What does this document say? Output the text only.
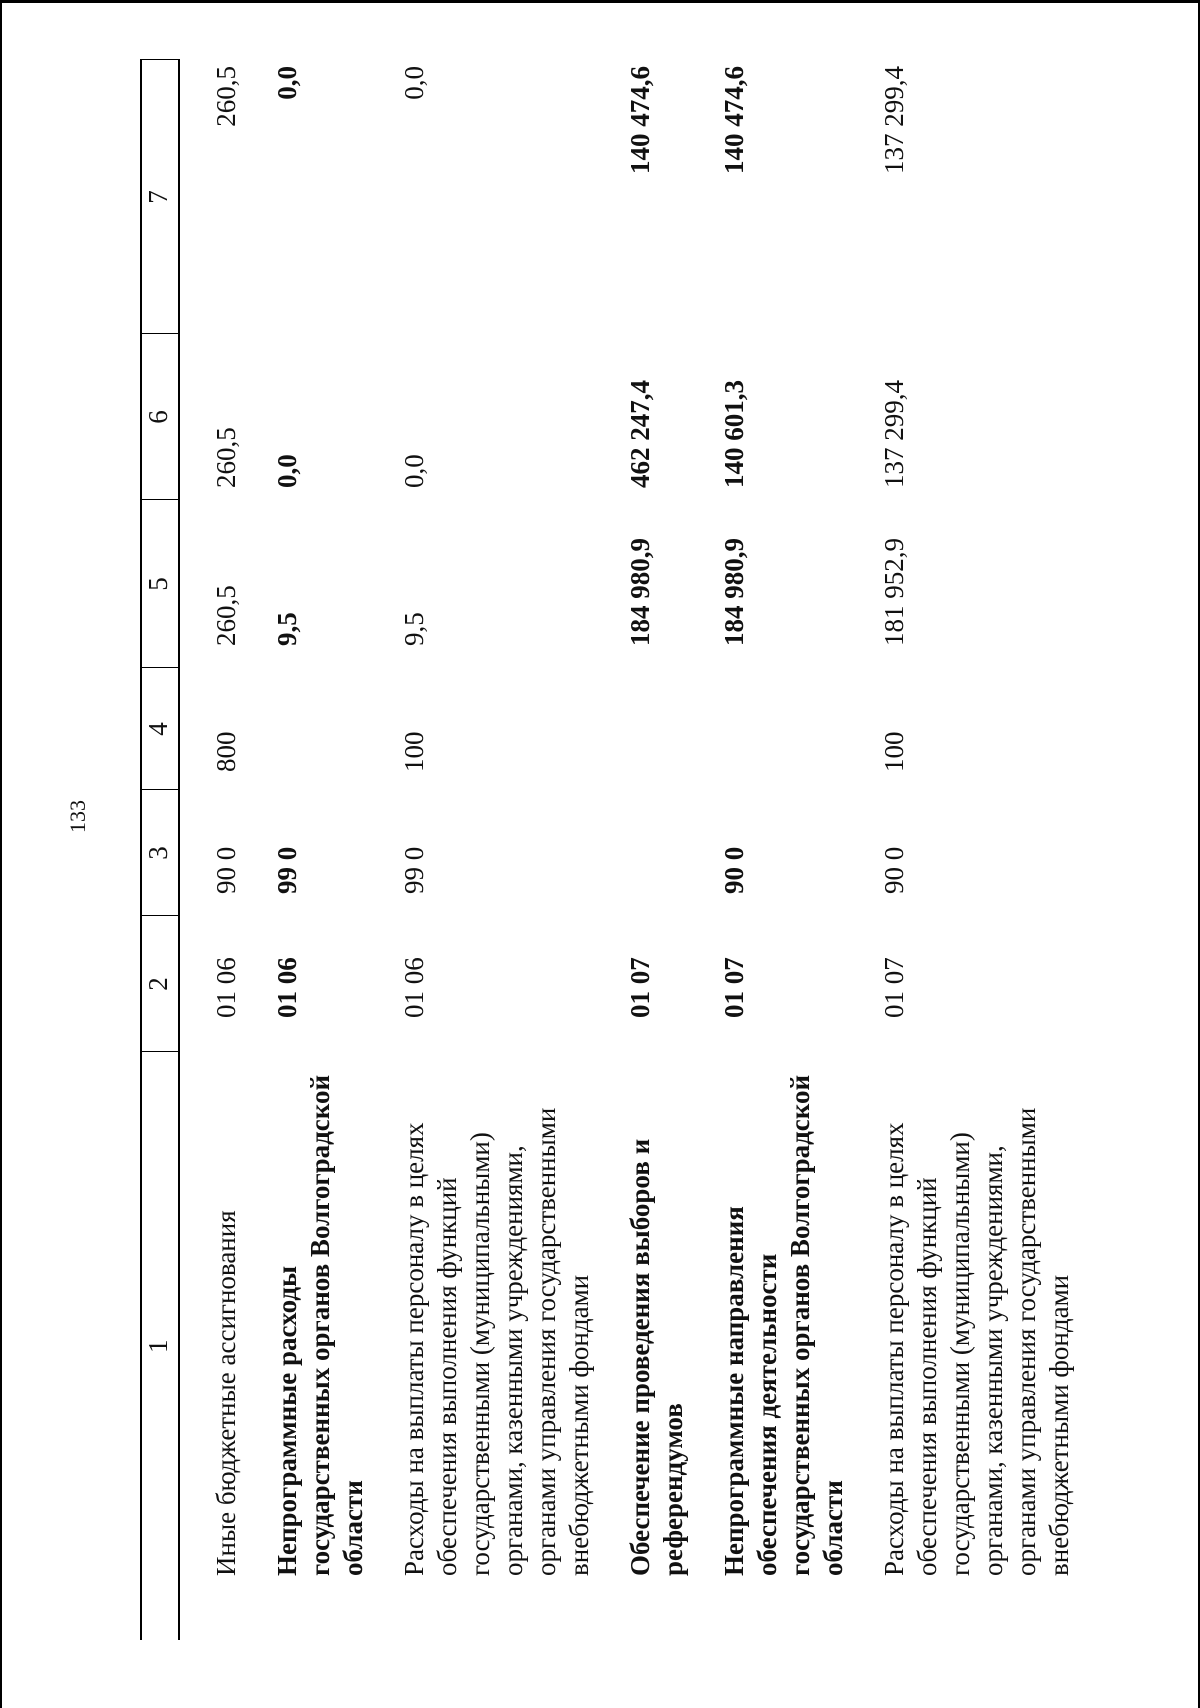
133
1	2	3	4	5	6	7
Иные бюджетные ассигнования	01 06	90 0	800	260,5	260,5	260,5
Непрограммные расходы государственных органов Волгоградской области	01 06	99 0		9,5	0,0	0,0
Расходы на выплаты персоналу в целях обеспечения выполнения функций государственными (муниципальными) органами, казенными учреждениями, органами управления государственными внебюджетными фондами	01 06	99 0	100	9,5	0,0	0,0
Обеспечение проведения выборов и референдумов	01 07			184 980,9	462 247,4	140 474,6
Непрограммные направления обеспечения деятельности государственных органов Волгоградской области	01 07	90 0		184 980,9	140 601,3	140 474,6
Расходы на выплаты персоналу в целях обеспечения выполнения функций государственными (муниципальными) органами, казенными учреждениями, органами управления государственными внебюджетными фондами	01 07	90 0	100	181 952,9	137 299,4	137 299,4
